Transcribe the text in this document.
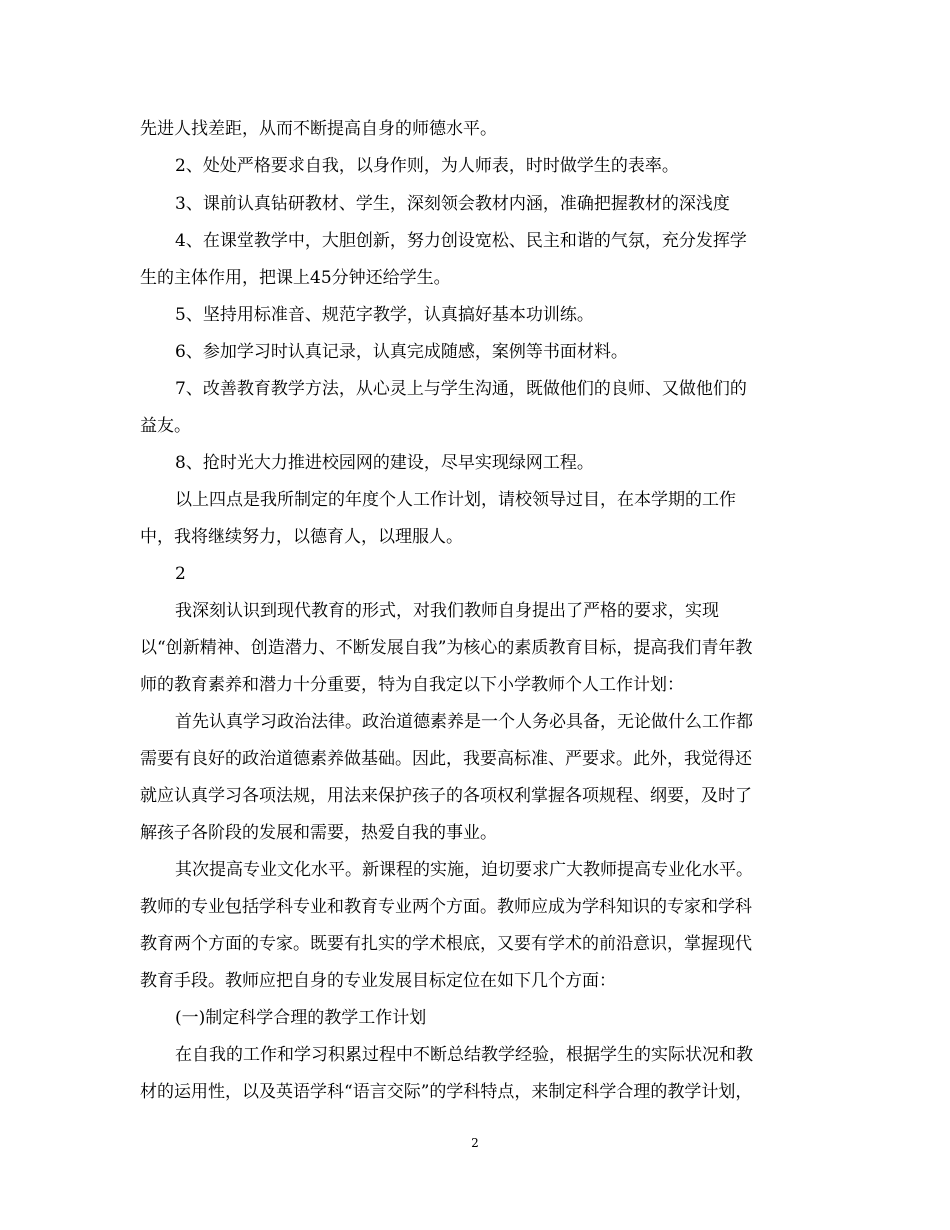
先进人找差距，从而不断提高自身的师德水平。
2、处处严格要求自我，以身作则，为人师表，时时做学生的表率。
3、课前认真钻研教材、学生，深刻领会教材内涵，准确把握教材的深浅度
4、在课堂教学中，大胆创新，努力创设宽松、民主和谐的气氛，充分发挥学
生的主体作用，把课上45分钟还给学生。
5、坚持用标准音、规范字教学，认真搞好基本功训练。
6、参加学习时认真记录，认真完成随感，案例等书面材料。
7、改善教育教学方法，从心灵上与学生沟通，既做他们的良师、又做他们的
益友。
8、抢时光大力推进校园网的建设，尽早实现绿网工程。
以上四点是我所制定的年度个人工作计划，请校领导过目，在本学期的工作
中，我将继续努力，以德育人，以理服人。
2
我深刻认识到现代教育的形式，对我们教师自身提出了严格的要求，实现
以“创新精神、创造潜力、不断发展自我”为核心的素质教育目标，提高我们青年教
师的教育素养和潜力十分重要，特为自我定以下小学教师个人工作计划：
首先认真学习政治法律。政治道德素养是一个人务必具备，无论做什么工作都
需要有良好的政治道德素养做基础。因此，我要高标准、严要求。此外，我觉得还
就应认真学习各项法规，用法来保护孩子的各项权利掌握各项规程、纲要，及时了
解孩子各阶段的发展和需要，热爱自我的事业。
其次提高专业文化水平。新课程的实施，迫切要求广大教师提高专业化水平。
教师的专业包括学科专业和教育专业两个方面。教师应成为学科知识的专家和学科
教育两个方面的专家。既要有扎实的学术根底，又要有学术的前沿意识，掌握现代
教育手段。教师应把自身的专业发展目标定位在如下几个方面：
(一)制定科学合理的教学工作计划
在自我的工作和学习积累过程中不断总结教学经验，根据学生的实际状况和教
材的运用性，以及英语学科“语言交际”的学科特点，来制定科学合理的教学计划，
2
